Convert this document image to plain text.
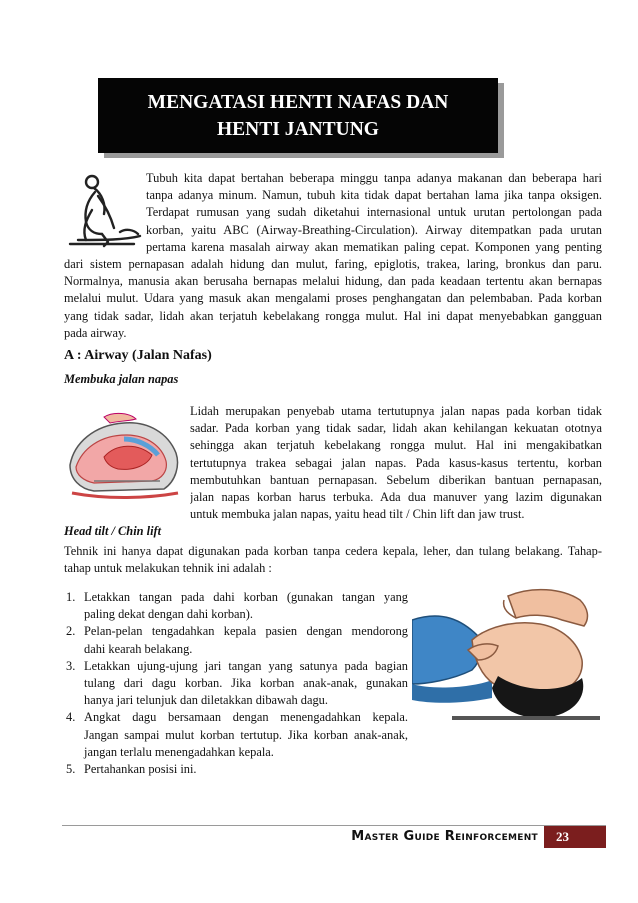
MENGATASI HENTI NAFAS DAN
HENTI JANTUNG
Tubuh kita dapat bertahan beberapa minggu tanpa adanya makanan dan beberapa hari
tanpa adanya minum. Namun, tubuh kita tidak dapat bertahan lama jika tanpa oksigen.
Terdapat rumusan yang sudah diketahui internasional untuk urutan pertolongan pada
korban, yaitu ABC (Airway-Breathing-Circulation). Airway ditempatkan pada urutan
pertama karena masalah airway akan mematikan paling cepat. Komponen yang penting
dari sistem pernapasan adalah hidung dan mulut, faring, epiglotis, trakea, laring, bronkus dan paru.
Normalnya, manusia akan berusaha bernapas melalui hidung, dan pada keadaan tertentu akan bernapas
melalui mulut. Udara yang masuk akan mengalami proses penghangatan dan pelembaban. Pada korban
yang tidak sadar, lidah akan terjatuh kebelakang rongga mulut. Hal ini dapat menyebabkan gangguan
pada airway.
A : Airway (Jalan Nafas)
Membuka jalan napas
Lidah merupakan penyebab utama tertutupnya jalan napas pada korban tidak
sadar. Pada korban yang tidak sadar, lidah akan kehilangan kekuatan ototnya
sehingga akan terjatuh kebelakang rongga mulut. Hal ini mengakibatkan
tertutupnya trakea sebagai jalan napas. Pada kasus-kasus tertentu, korban
membutuhkan bantuan pernapasan. Sebelum diberikan bantuan pernapasan,
jalan napas korban harus terbuka. Ada dua manuver yang lazim digunakan
untuk membuka jalan napas, yaitu head tilt / Chin lift dan jaw trust.
Head tilt / Chin lift
Tehnik ini hanya dapat digunakan pada korban tanpa cedera kepala, leher, dan tulang belakang. Tahap-
tahap untuk melakukan tehnik ini adalah :
1. Letakkan tangan pada dahi korban (gunakan tangan yang
paling dekat dengan dahi korban).
2. Pelan-pelan tengadahkan kepala pasien dengan mendorong
dahi kearah belakang.
3. Letakkan ujung-ujung jari tangan yang satunya pada bagian
tulang dari dagu korban. Jika korban anak-anak, gunakan
hanya jari telunjuk dan diletakkan dibawah dagu.
4. Angkat dagu bersamaan dengan menengadahkan kepala.
Jangan sampai mulut korban tertutup. Jika korban anak-anak,
jangan terlalu menengadahkan kepala.
5. Pertahankan posisi ini.
Master Guide Reinforcement	23
